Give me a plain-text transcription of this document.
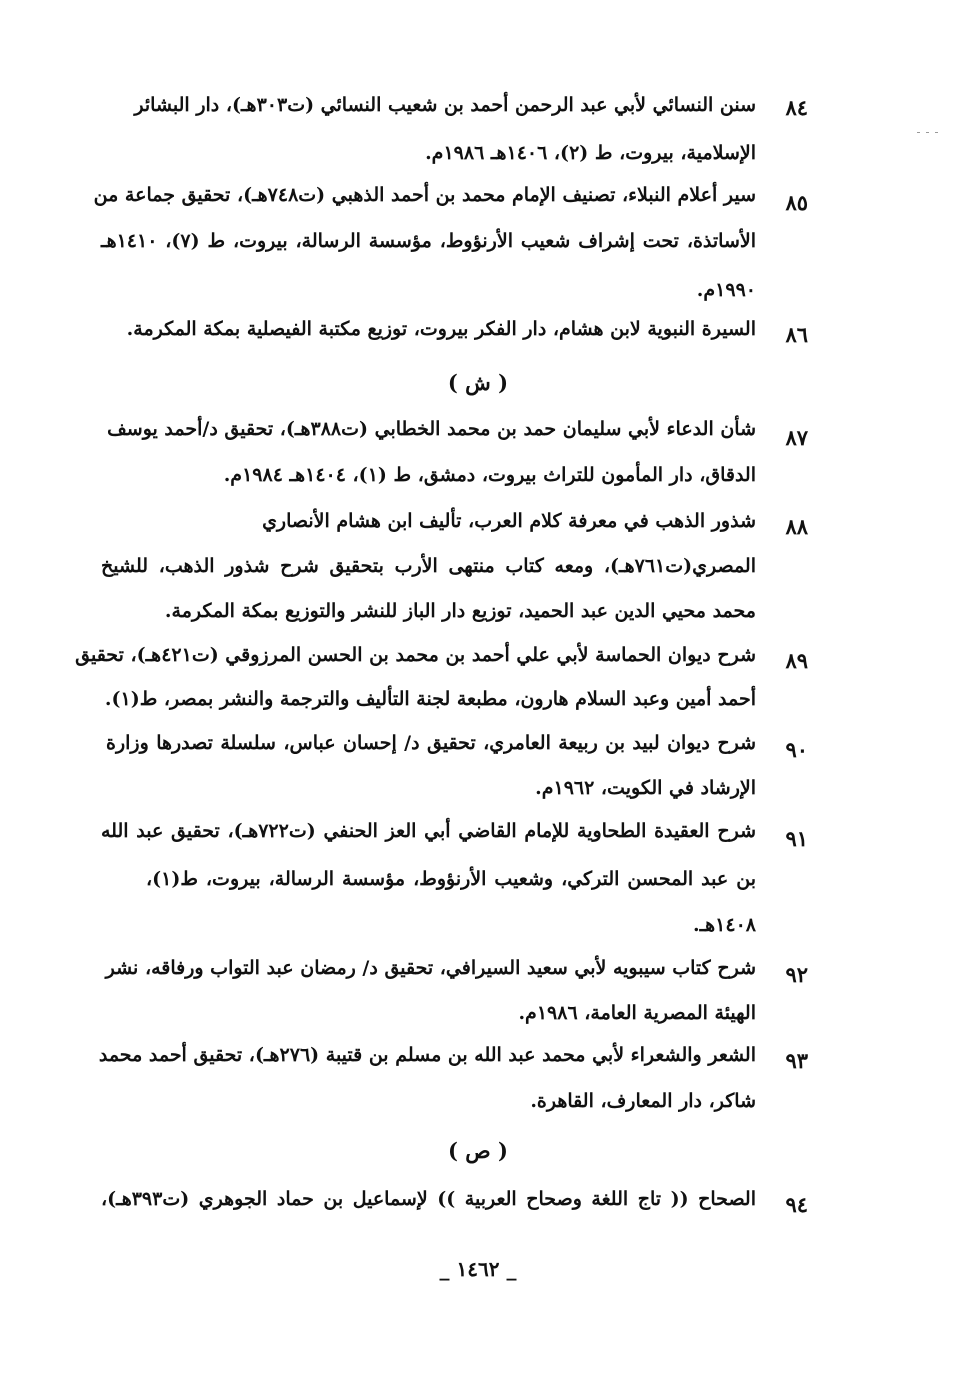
٨٤
سنن النسائي لأبي عبد الرحمن أحمد بن شعيب النسائي (ت٣٠٣هـ)، دار البشائر
الإسلامية، بيروت، ط (٢)، ١٤٠٦هـ ١٩٨٦م.
٨٥
سير أعلام النبلاء، تصنيف الإمام محمد بن أحمد الذهبي (ت٧٤٨هـ)، تحقيق جماعة من
الأساتذة، تحت إشراف شعيب الأرنؤوط، مؤسسة الرسالة، بيروت، ط (٧)، ١٤١٠هـ
١٩٩٠م.
٨٦
السيرة النبوية لابن هشام، دار الفكر بيروت، توزيع مكتبة الفيصلية بمكة المكرمة.
( ش )
٨٧
شأن الدعاء لأبي سليمان حمد بن محمد الخطابي (ت٣٨٨هـ)، تحقيق د/أحمد يوسف
الدقاق، دار المأمون للتراث بيروت، دمشق، ط (١)، ١٤٠٤هـ ١٩٨٤م.
٨٨
شذور الذهب في معرفة كلام العرب، تأليف ابن هشام الأنصاري
المصري(ت٧٦١هـ)، ومعه كتاب منتهى الأرب بتحقيق شرح شذور الذهب، للشيخ
محمد محيي الدين عبد الحميد، توزيع دار الباز للنشر والتوزيع بمكة المكرمة.
٨٩
شرح ديوان الحماسة لأبي علي أحمد بن محمد بن الحسن المرزوقي (ت٤٢١هـ)، تحقيق
أحمد أمين وعبد السلام هارون، مطبعة لجنة التأليف والترجمة والنشر بمصر، ط(١).
٩٠
شرح ديوان لبيد بن ربيعة العامري، تحقيق د/ إحسان عباس، سلسلة تصدرها وزارة
الإرشاد في الكويت، ١٩٦٢م.
٩١
شرح العقيدة الطحاوية للإمام القاضي أبي العز الحنفي (ت٧٢٢هـ)، تحقيق عبد الله
بن عبد المحسن التركي، وشعيب الأرنؤوط، مؤسسة الرسالة، بيروت، ط(١)،
١٤٠٨هـ.
٩٢
شرح كتاب سيبويه لأبي سعيد السيرافي، تحقيق د/ رمضان عبد التواب ورفاقه، نشر
الهيئة المصرية العامة، ١٩٨٦م.
٩٣
الشعر والشعراء لأبي محمد عبد الله بن مسلم بن قتيبة (٢٧٦هـ)، تحقيق أحمد محمد
شاكر، دار المعارف، القاهرة.
( ص )
٩٤
الصحاح (( تاج اللغة وصحاح العربية )) لإسماعيل بن حماد الجوهري (ت٣٩٣هـ)،
_ ١٤٦٢ _
